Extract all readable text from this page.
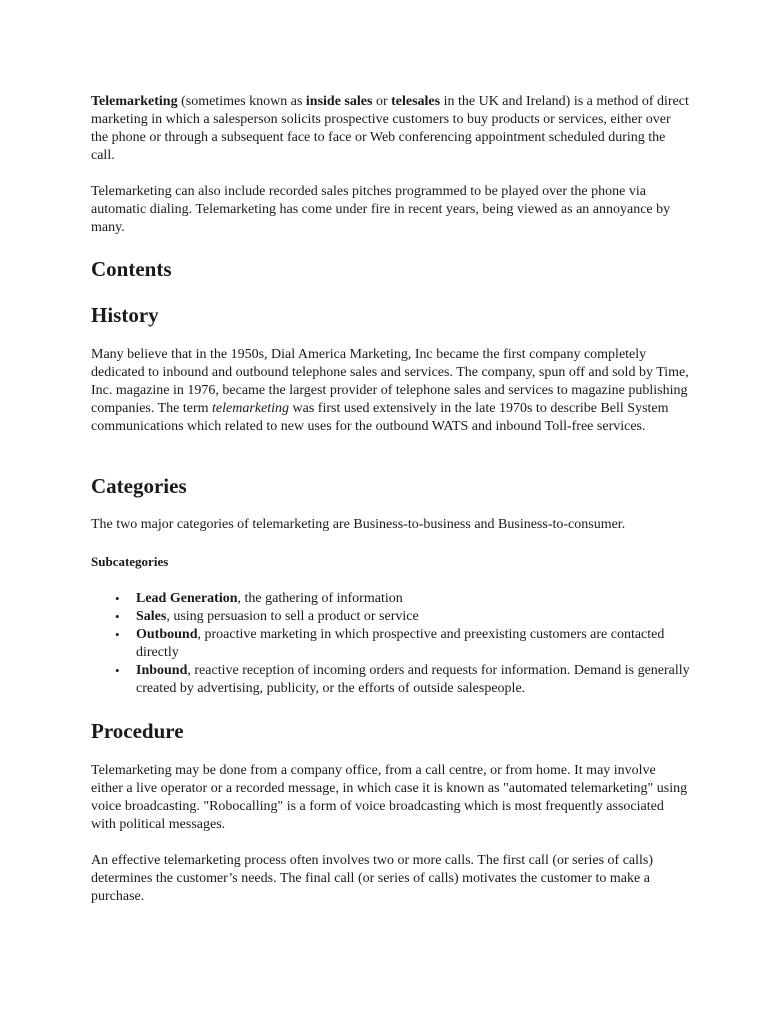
Telemarketing (sometimes known as inside sales or telesales in the UK and Ireland) is a method of direct marketing in which a salesperson solicits prospective customers to buy products or services, either over the phone or through a subsequent face to face or Web conferencing appointment scheduled during the call.

Telemarketing can also include recorded sales pitches programmed to be played over the phone via automatic dialing. Telemarketing has come under fire in recent years, being viewed as an annoyance by many.

Contents
History

Many believe that in the 1950s, Dial America Marketing, Inc became the first company completely dedicated to inbound and outbound telephone sales and services. The company, spun off and sold by Time, Inc. magazine in 1976, became the largest provider of telephone sales and services to magazine publishing companies. The term telemarketing was first used extensively in the late 1970s to describe Bell System communications which related to new uses for the outbound WATS and inbound Toll-free services.

Categories

The two major categories of telemarketing are Business-to-business and Business-to-consumer.

Subcategories
• Lead Generation, the gathering of information
• Sales, using persuasion to sell a product or service
• Outbound, proactive marketing in which prospective and preexisting customers are contacted directly
• Inbound, reactive reception of incoming orders and requests for information. Demand is generally created by advertising, publicity, or the efforts of outside salespeople.
Procedure

Telemarketing may be done from a company office, from a call centre, or from home. It may involve either a live operator or a recorded message, in which case it is known as "automated telemarketing" using voice broadcasting. "Robocalling" is a form of voice broadcasting which is most frequently associated with political messages.

An effective telemarketing process often involves two or more calls. The first call (or series of calls) determines the customer’s needs. The final call (or series of calls) motivates the customer to make a purchase.
